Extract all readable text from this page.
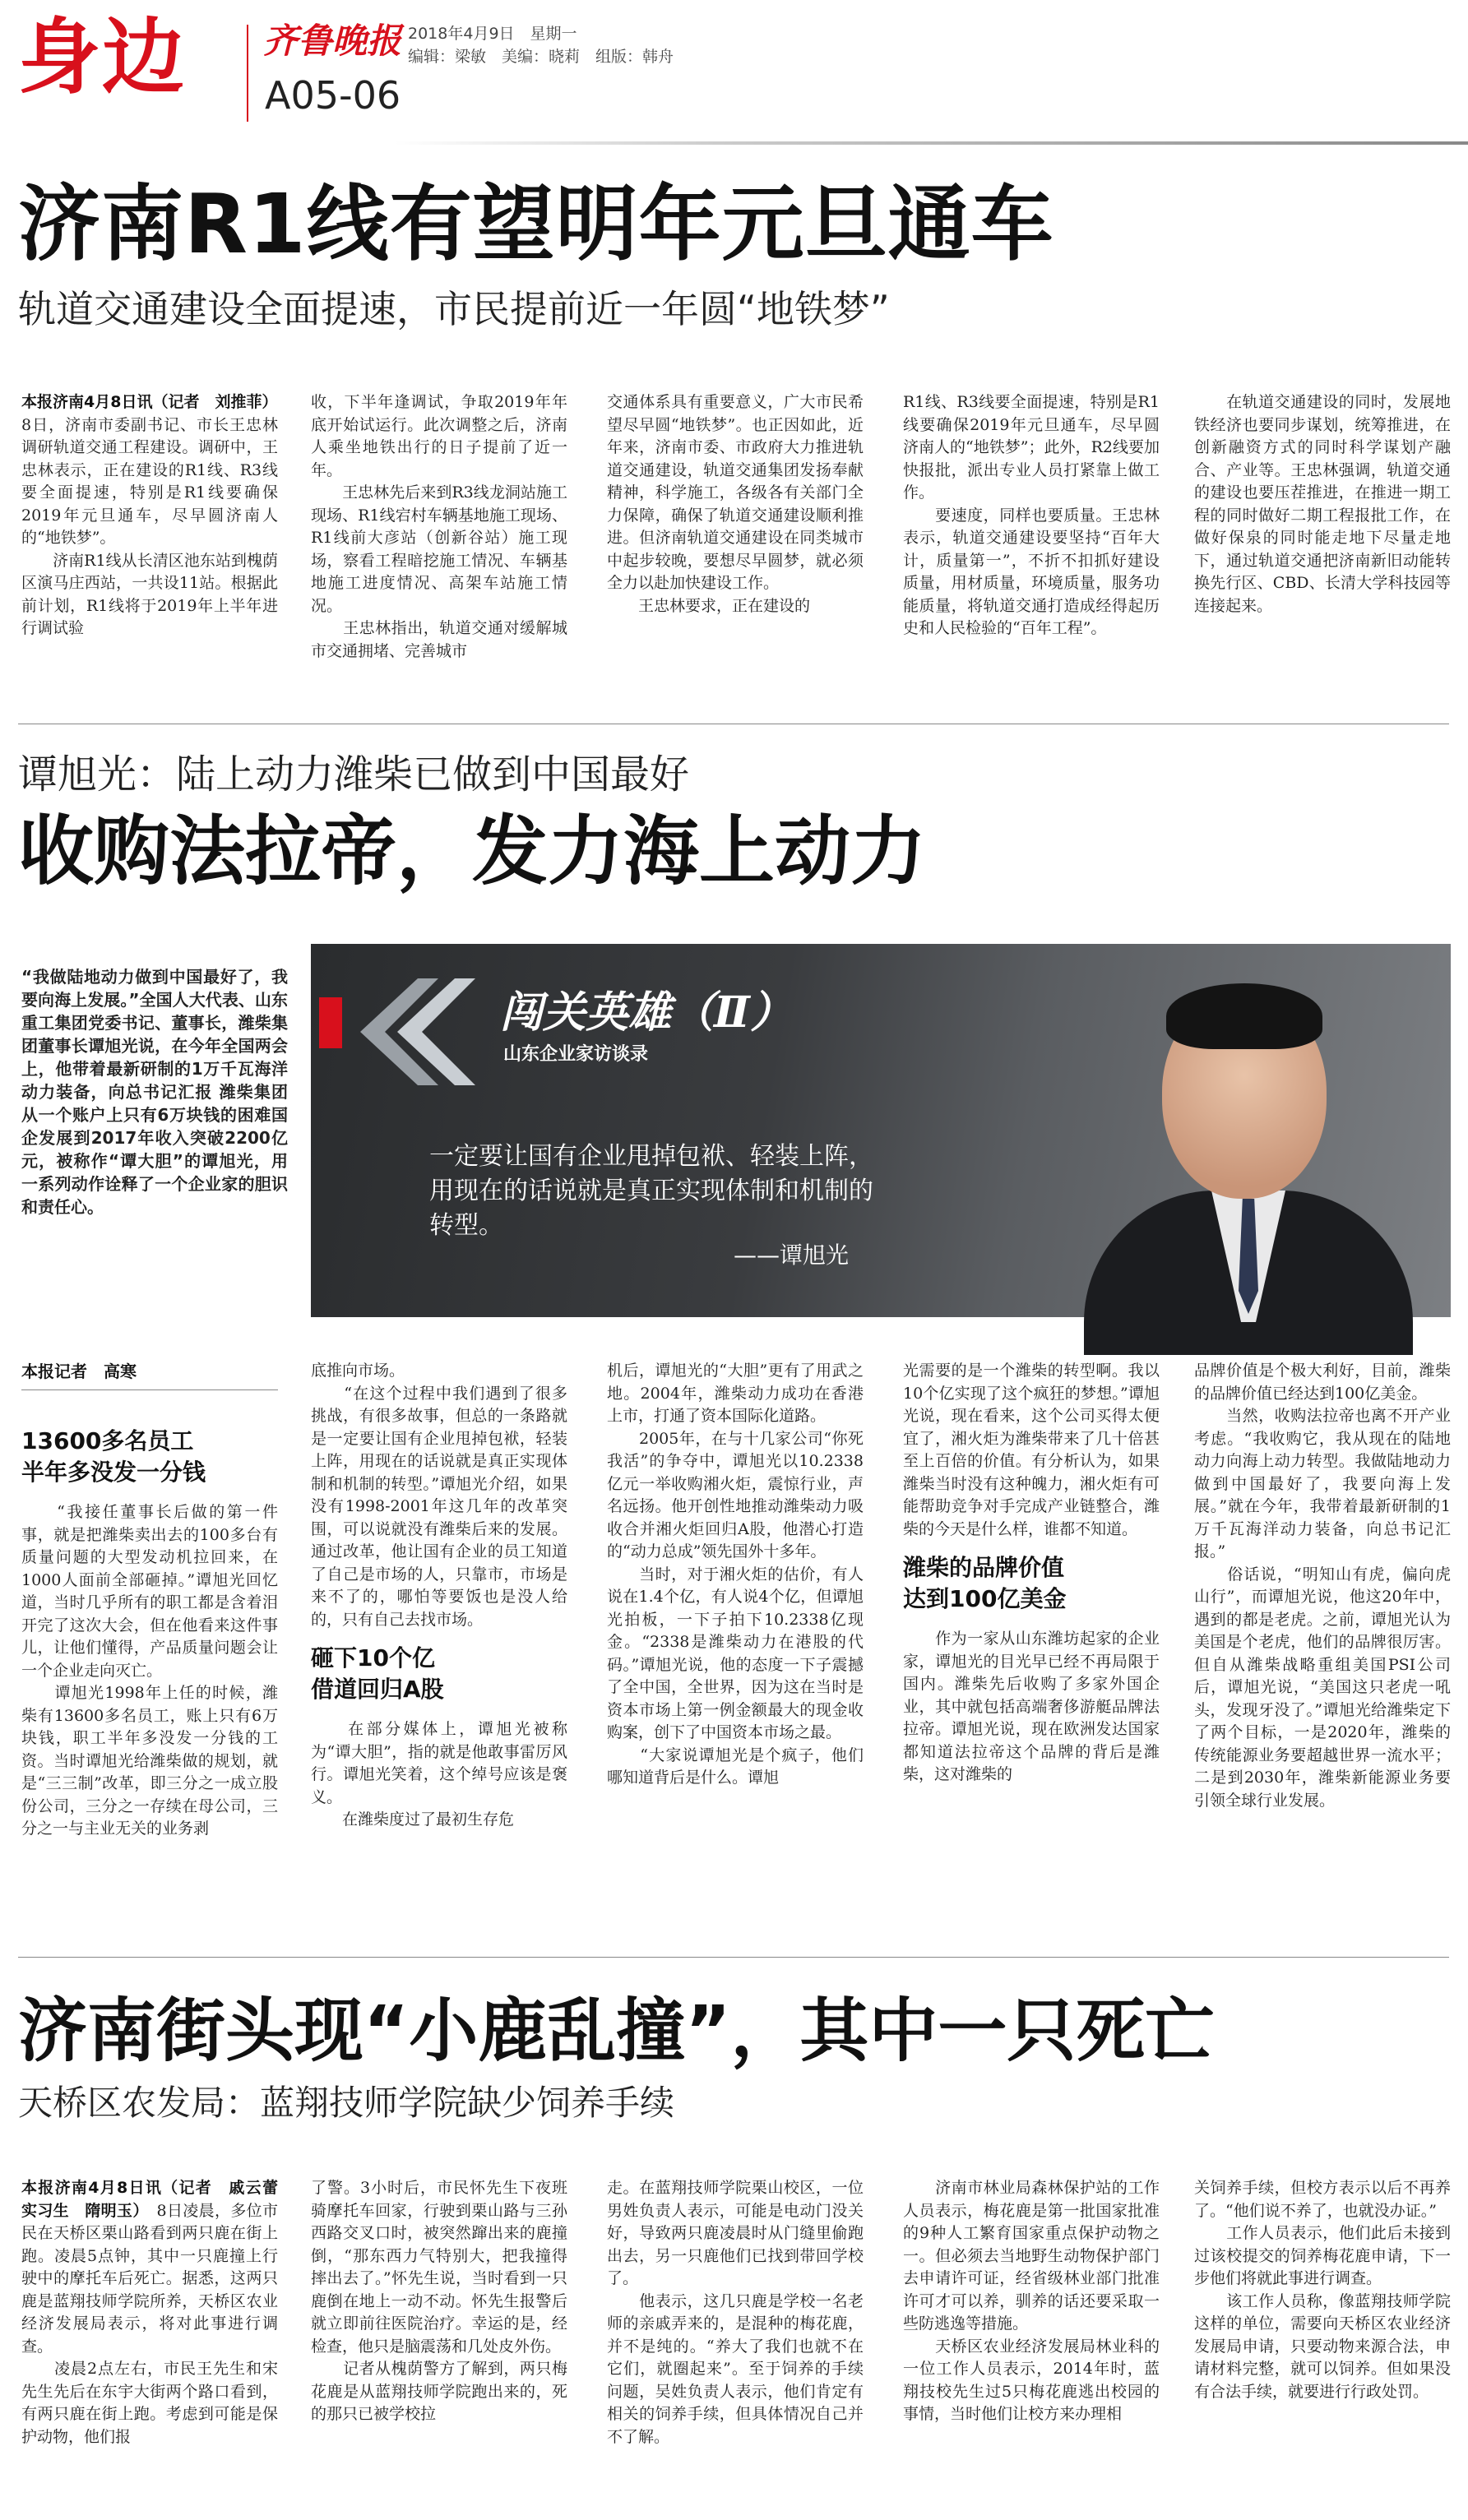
身边 齐鲁晚报
A05-06
2018年4月9日　星期一
编辑：梁敏　美编：晓莉　组版：韩舟
济南R1线有望明年元旦通车
轨道交通建设全面提速，市民提前近一年圆“地铁梦”
本报济南4月8日讯（记者　刘推菲）　8日，济南市委副书记、市长王忠林调研轨道交通工程建设。调研中，王忠林表示，正在建设的R1线、R3线要全面提速，特别是R1线要确保2019年元旦通车，尽早圆济南人的“地铁梦”。
　　济南R1线从长清区池东站到槐荫区演马庄西站，一共设11站。根据此前计划，R1线将于2019年上半年进行调试验
收，下半年逢调试，争取2019年年底开始试运行。此次调整之后，济南人乘坐地铁出行的日子提前了近一年。
　　王忠林先后来到R3线龙洞站施工现场、R1线宕村车辆基地施工现场、R1线前大彦站（创新谷站）施工现场，察看工程暗挖施工情况、车辆基地施工进度情况、高架车站施工情况。
　　王忠林指出，轨道交通对缓解城市交通拥堵、完善城市
交通体系具有重要意义，广大市民希望尽早圆“地铁梦”。也正因如此，近年来，济南市委、市政府大力推进轨道交通建设，轨道交通集团发扬奉献精神，科学施工，各级各有关部门全力保障，确保了轨道交通建设顺利推进。但济南轨道交通建设在同类城市中起步较晚，要想尽早圆梦，就必须全力以赴加快建设工作。
　　王忠林要求，正在建设的
R1线、R3线要全面提速，特别是R1线要确保2019年元旦通车，尽早圆济南人的“地铁梦”；此外，R2线要加快报批，派出专业人员打紧靠上做工作。
　　要速度，同样也要质量。王忠林表示，轨道交通建设要坚持“百年大计，质量第一”，不折不扣抓好建设质量，用材质量，环境质量，服务功能质量，将轨道交通打造成经得起历史和人民检验的“百年工程”。
　　在轨道交通建设的同时，发展地铁经济也要同步谋划，统筹推进，在创新融资方式的同时科学谋划产融合、产业等。王忠林强调，轨道交通的建设也要压茬推进，在推进一期工程的同时做好二期工程报批工作，在做好保泉的同时能走地下尽量走地下，通过轨道交通把济南新旧动能转换先行区、CBD、长清大学科技园等连接起来。
谭旭光：陆上动力潍柴已做到中国最好
收购法拉帝，发力海上动力
“我做陆地动力做到中国最好了，我要向海上发展。”全国人大代表、山东重工集团党委书记、董事长，潍柴集团董事长谭旭光说，在今年全国两会上，他带着最新研制的1万千瓦海洋动力装备，向总书记汇报 潍柴集团从一个账户上只有6万块钱的困难国企发展到2017年收入突破2200亿元，被称作“谭大胆”的谭旭光，用一系列动作诠释了一个企业家的胆识和责任心。
闯关英雄（Ⅱ）
山东企业家访谈录
一定要让国有企业甩掉包袱、轻装上阵，用现在的话说就是真正实现体制和机制的转型。
——谭旭光
本报记者　高寒
13600多名员工
半年多没发一分钱
　　“我接任董事长后做的第一件事，就是把潍柴卖出去的100多台有质量问题的大型发动机拉回来，在1000人面前全部砸掉。”谭旭光回忆道，当时几乎所有的职工都是含着泪开完了这次大会，但在他看来这件事儿，让他们懂得，产品质量问题会让一个企业走向灭亡。
　　谭旭光1998年上任的时候，潍柴有13600多名员工，账上只有6万块钱，职工半年多没发一分钱的工资。当时谭旭光给潍柴做的规划，就是“三三制”改革，即三分之一成立股份公司，三分之一存续在母公司，三分之一与主业无关的业务剥
底推向市场。
　　“在这个过程中我们遇到了很多挑战，有很多故事，但总的一条路就是一定要让国有企业甩掉包袱，轻装上阵，用现在的话说就是真正实现体制和机制的转型。”谭旭光介绍，如果没有1998-2001年这几年的改革突围，可以说就没有潍柴后来的发展。通过改革，他让国有企业的员工知道了自己是市场的人，只靠市，市场是来不了的，哪怕等要饭也是没人给的，只有自己去找市场。
砸下10个亿
借道回归A股
　　在部分媒体上，谭旭光被称为“谭大胆”，指的就是他敢事雷厉风行。谭旭光笑着，这个绰号应该是褒义。
　　在潍柴度过了最初生存危
机后，谭旭光的“大胆”更有了用武之地。2004年，潍柴动力成功在香港上市，打通了资本国际化道路。
　　2005年，在与十几家公司“你死我活”的争夺中，谭旭光以10.2338亿元一举收购湘火炬，震惊行业，声名远扬。他开创性地推动潍柴动力吸收合并湘火炬回归A股，他潜心打造的“动力总成”领先国外十多年。
　　当时，对于湘火炬的估价，有人说在1.4个亿，有人说4个亿，但谭旭光拍板，一下子拍下10.2338亿现金。“2338是潍柴动力在港股的代码。”谭旭光说，他的态度一下子震撼了全中国，全世界，因为这在当时是资本市场上第一例金额最大的现金收购案，创下了中国资本市场之最。
　　“大家说谭旭光是个疯子，他们哪知道背后是什么。谭旭
光需要的是一个潍柴的转型啊。我以10个亿实现了这个疯狂的梦想。”谭旭光说，现在看来，这个公司买得太便宜了，湘火炬为潍柴带来了几十倍甚至上百倍的价值。有分析认为，如果潍柴当时没有这种魄力，湘火炬有可能帮助竞争对手完成产业链整合，潍柴的今天是什么样，谁都不知道。
潍柴的品牌价值
达到100亿美金
　　作为一家从山东潍坊起家的企业家，谭旭光的目光早已经不再局限于国内。潍柴先后收购了多家外国企业，其中就包括高端奢侈游艇品牌法拉帝。谭旭光说，现在欧洲发达国家都知道法拉帝这个品牌的背后是潍柴，这对潍柴的
品牌价值是个极大利好，目前，潍柴的品牌价值已经达到100亿美金。
　　当然，收购法拉帝也离不开产业考虑。“我收购它，我从现在的陆地动力向海上动力转型。我做陆地动力做到中国最好了，我要向海上发展。”就在今年，我带着最新研制的1万千瓦海洋动力装备，向总书记汇报。”
　　俗话说，“明知山有虎，偏向虎山行”，而谭旭光说，他这20年中，遇到的都是老虎。之前，谭旭光认为美国是个老虎，他们的品牌很厉害。但自从潍柴战略重组美国PSI公司后，谭旭光说，“美国这只老虎一吼头，发现牙没了。”谭旭光给潍柴定下了两个目标，一是2020年，潍柴的传统能源业务要超越世界一流水平；二是到2030年，潍柴新能源业务要引领全球行业发展。
济南街头现“小鹿乱撞”，其中一只死亡
天桥区农发局：蓝翔技师学院缺少饲养手续
本报济南4月8日讯（记者　戚云蕾　实习生　隋明玉）　8日凌晨，多位市民在天桥区栗山路看到两只鹿在街上跑。凌晨5点钟，其中一只鹿撞上行驶中的摩托车后死亡。据悉，这两只鹿是蓝翔技师学院所养，天桥区农业经济发展局表示，将对此事进行调查。
　　凌晨2点左右，市民王先生和宋先生先后在东宇大街两个路口看到，有两只鹿在街上跑。考虑到可能是保护动物，他们报
了警。3小时后，市民怀先生下夜班骑摩托车回家，行驶到栗山路与三孙西路交叉口时，被突然蹿出来的鹿撞倒，“那东西力气特别大，把我撞得摔出去了。”怀先生说，当时看到一只鹿倒在地上一动不动。怀先生报警后就立即前往医院治疗。幸运的是，经检查，他只是脑震荡和几处皮外伤。
　　记者从槐荫警方了解到，两只梅花鹿是从蓝翔技师学院跑出来的，死的那只已被学校拉
走。在蓝翔技师学院栗山校区，一位男姓负责人表示，可能是电动门没关好，导致两只鹿凌晨时从门缝里偷跑出去，另一只鹿他们已找到带回学校了。
　　他表示，这几只鹿是学校一名老师的亲戚弄来的，是混种的梅花鹿，并不是纯的。“养大了我们也就不在它们，就圈起来”。至于饲养的手续问题，吴姓负责人表示，他们肯定有相关的饲养手续，但具体情况自己并不了解。
　　济南市林业局森林保护站的工作人员表示，梅花鹿是第一批国家批准的9种人工繁育国家重点保护动物之一。但必须去当地野生动物保护部门去申请许可证，经省级林业部门批准许可才可以养，驯养的话还要采取一些防逃逸等措施。
　　天桥区农业经济发展局林业科的一位工作人员表示，2014年时，蓝翔技校先生过5只梅花鹿逃出校园的事情，当时他们让校方来办理相
关饲养手续，但校方表示以后不再养了。“他们说不养了，也就没办证。”
　　工作人员表示，他们此后未接到过该校提交的饲养梅花鹿申请，下一步他们将就此事进行调查。
　　该工作人员称，像蓝翔技师学院这样的单位，需要向天桥区农业经济发展局申请，只要动物来源合法，申请材料完整，就可以饲养。但如果没有合法手续，就要进行行政处罚。
